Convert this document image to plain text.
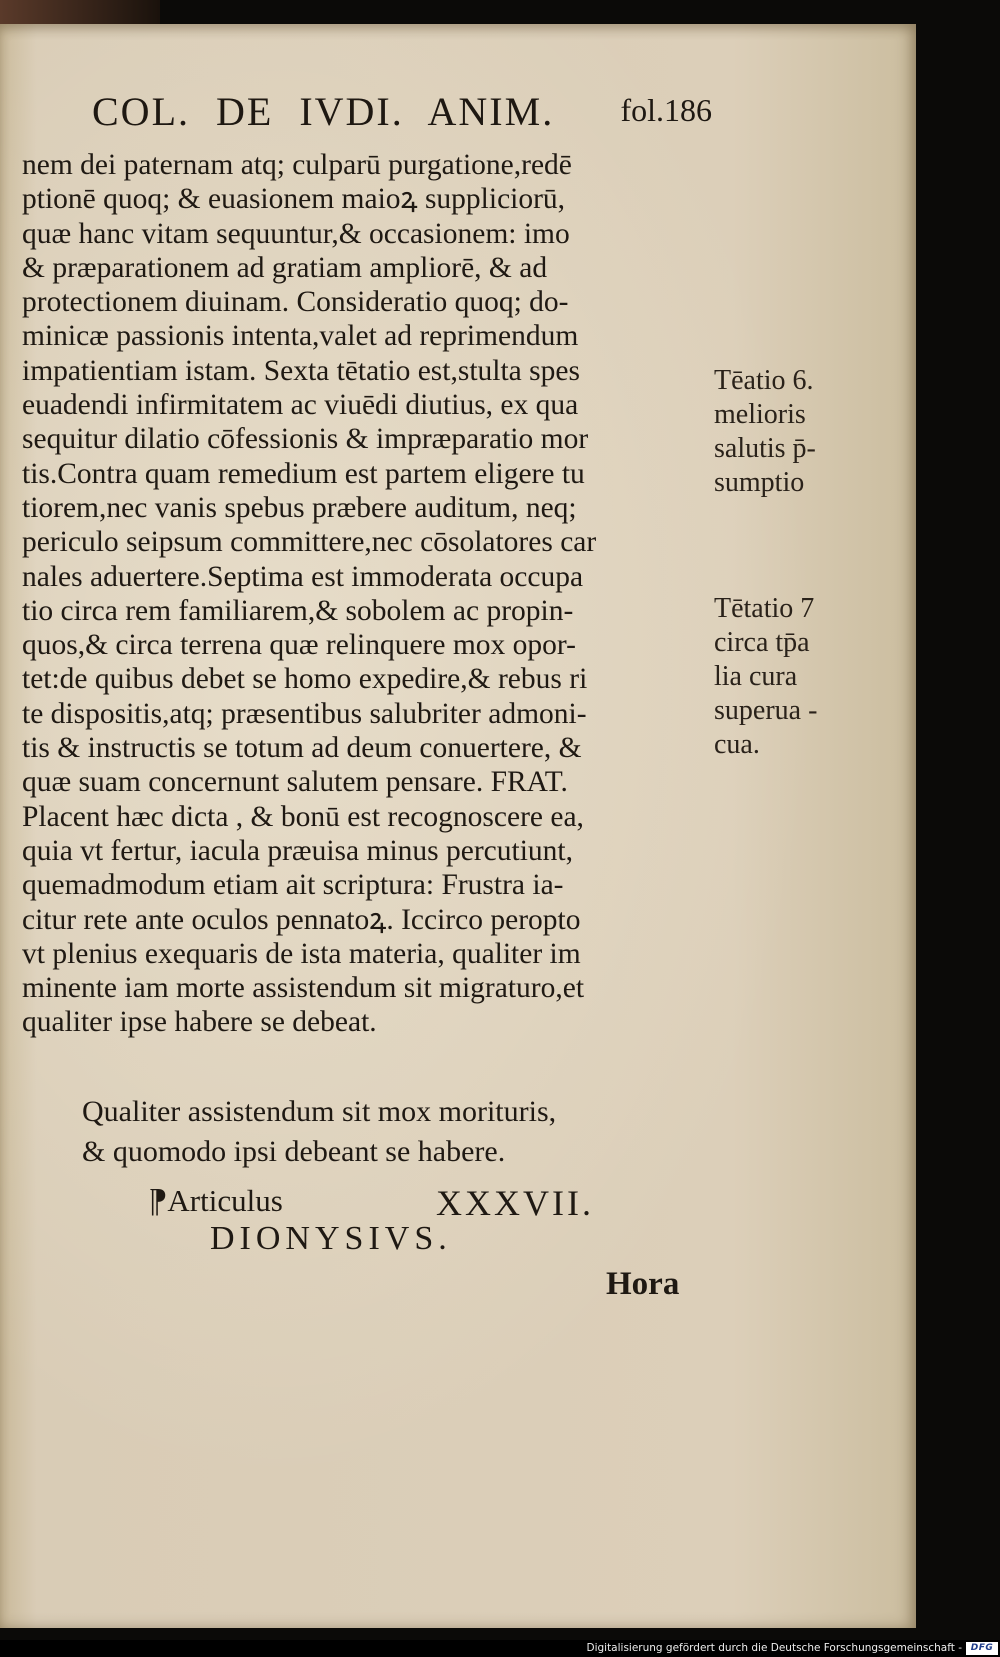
COL. DE IVDI. ANIM. fol.186
nem dei paternam atq; culparū purgatione,redē
ptionē quoq; & euasionem maioꝝ suppliciorū,
quæ hanc vitam sequuntur,& occasionem: imo
& præparationem ad gratiam ampliorē, & ad
protectionem diuinam. Consideratio quoq; do-
minicæ passionis intenta,valet ad reprimendum
impatientiam istam. Sexta tētatio est,stulta spes
euadendi infirmitatem ac viuēdi diutius, ex qua
sequitur dilatio cōfessionis & impræparatio mor
tis.Contra quam remedium est partem eligere tu
tiorem,nec vanis spebus præbere auditum, neq;
periculo seipsum committere,nec cōsolatores car
nales aduertere.Septima est immoderata occupa
tio circa rem familiarem,& sobolem ac propin-
quos,& circa terrena quæ relinquere mox opor-
tet:de quibus debet se homo expedire,& rebus ri
te dispositis,atq; præsentibus salubriter admoni-
tis & instructis se totum ad deum conuertere, &
quæ suam concernunt salutem pensare. FRAT.
Placent hæc dicta , & bonū est recognoscere ea,
quia vt fertur, iacula præuisa minus percutiunt,
quemadmodum etiam ait scriptura: Frustra ia-
citur rete ante oculos pennatoꝝ. Iccirco peropto
vt plenius exequaris de ista materia, qualiter im
minente iam morte assistendum sit migraturo,et
qualiter ipse habere se debeat.
Tēatio 6.
melioris
salutis p̄-
sumptio
Tētatio 7
circa tp̄a
lia cura
superua -
cua.
Qualiter assistendum sit mox morituris,
& quomodo ipsi debeant se habere.
¶Articulus	XXXVII.
DIONYSIVS.
Hora
Digitalisierung gefördert durch die Deutsche Forschungsgemeinschaft - DFG
